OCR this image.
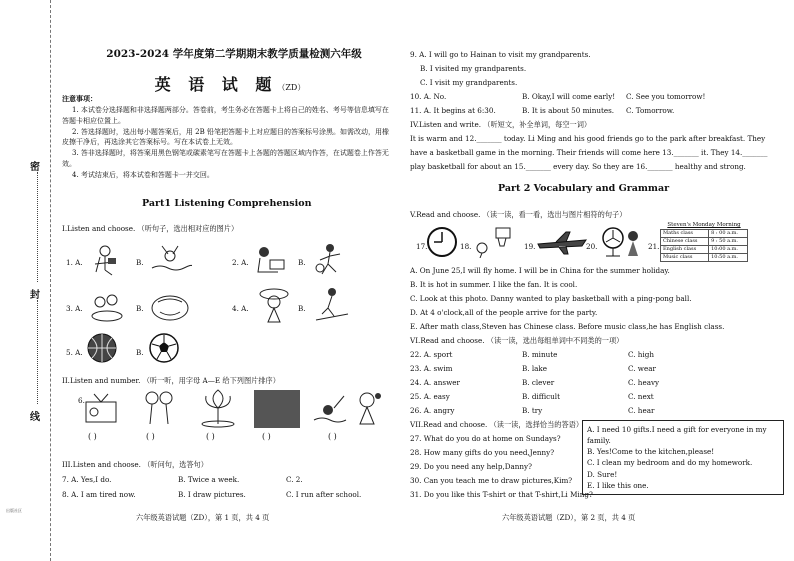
密
封
线
出版社区
2023-2024 学年度第二学期期末教学质量检测六年级
英 语 试 题（ZD）
注意事项：
1. 本试卷分选择题和非选择题两部分。答卷前，考生务必在答题卡上将自己的姓名、考号等信息填写在答题卡相应位置上。
2. 答选择题时，选出每小题答案后，用 2B 铅笔把答题卡上对应题目的答案标号涂黑。如需改动，用橡皮擦干净后，再选涂其它答案标号。写在本试卷上无效。
3. 答非选择题时，将答案用黑色钢笔或碳素笔写在答题卡上各题的答题区域内作答，在试题卷上作答无效。
4. 考试结束后，将本试卷和答题卡一并交回。
Part1 Listening Comprehension
I.Listen and choose. （听句子，选出相对应的图片）
1. A.	B.	2. A.	B.
3. A.	B.	4. A.	B.
5. A.	B.
II.Listen and number. （听一听，用字母 A—E 给下列图片排序）
6.
( )	( )	( )	( )	( )
III.Listen and choose. （听问句，选答句）
7. A. Yes,I do.	B. Twice a week.	C. 2.
8. A. I am tired now.	B. I draw pictures.	C. I run after school.
六年级英语试题（ZD），第 1 页，共 4 页
9. A. I will go to Hainan to visit my grandparents.
B. I visited my grandparents.
C. I visit my grandparents.
10. A. No.	B. Okay,I will come early! C. See you tomorrow!
11. A. It begins at 6:30.	B. It is about 50 minutes. C. Tomorrow.
IV.Listen and write. （听短文，补全单词，每空一词）
It is warm and 12._______ today. Li Ming and his good friends go to the park after breakfast. They
have a basketball game in the morning. Their friends will come here 13._______ it. They 14._______
play basketball for about an 15._______ every day. So they are 16._______ healthy and strong.
Part 2 Vocabulary and Grammar
V.Read and choose. （读一读，看一看，选出与图片相符的句子）
17.	18.	19.	20.	21.
Steven's Monday Morning
Maths class	8 : 00 a.m.
Chinese class	9 : 50 a.m.
English class	10:00 a.m.
Music class	10:50 a.m.
A. On June 25,I will fly home. I will be in China for the summer holiday.
B. It is hot in summer. I like the fan. It is cool.
C. Look at this photo. Danny wanted to play basketball with a ping-pong ball.
D. At 4 o'clock,all of the people arrive for the party.
E. After math class,Steven has Chinese class. Before music class,he has English class.
VI.Read and choose. （读一读，选出每组单词中不同类的一项）
22. A. sport	B. minute	C. high
23. A. swim	B. lake	C. wear
24. A. answer	B. clever	C. heavy
25. A. easy	B. difficult	C. next
26. A. angry	B. try	C. hear
VII.Read and choose. （读一读，选择恰当的答语）
27. What do you do at home on Sundays?
28. How many gifts do you need,Jenny?
29. Do you need any help,Danny?
30. Can you teach me to draw pictures,Kim?
31. Do you like this T-shirt or that T-shirt,Li Ming?
A. I need 10 gifts.I need a gift for everyone in my family.
B. Yes!Come to the kitchen,please!
C. I clean my bedroom and do my homework.
D. Sure!
E. I like this one.
六年级英语试题（ZD），第 2 页，共 4 页
